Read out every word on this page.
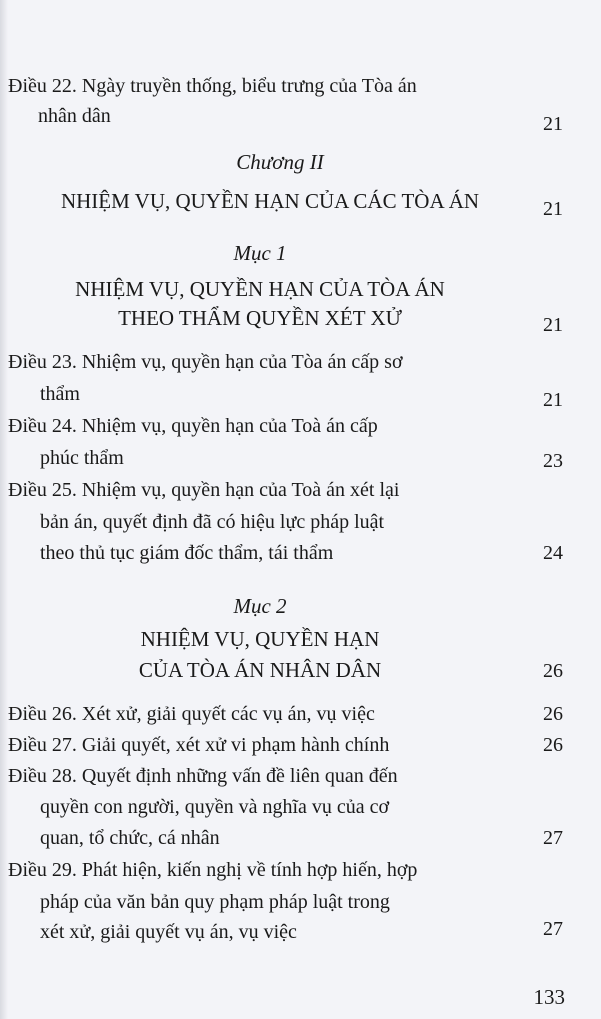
Điều 22. Ngày truyền thống, biểu trưng của Tòa án
nhân dân	21
Chương II
NHIỆM VỤ, QUYỀN HẠN CỦA CÁC TÒA ÁN	21
Mục 1
NHIỆM VỤ, QUYỀN HẠN CỦA TÒA ÁN
THEO THẨM QUYỀN XÉT XỬ	21
Điều 23. Nhiệm vụ, quyền hạn của Tòa án cấp sơ
thẩm	21
Điều 24. Nhiệm vụ, quyền hạn của Toà án cấp
phúc thẩm	23
Điều 25. Nhiệm vụ, quyền hạn của Toà án xét lại
bản án, quyết định đã có hiệu lực pháp luật
theo thủ tục giám đốc thẩm, tái thẩm	24
Mục 2
NHIỆM VỤ, QUYỀN HẠN
CỦA TÒA ÁN NHÂN DÂN	26
Điều 26. Xét xử, giải quyết các vụ án, vụ việc	26
Điều 27. Giải quyết, xét xử vi phạm hành chính	26
Điều 28. Quyết định những vấn đề liên quan đến
quyền con người, quyền và nghĩa vụ của cơ
quan, tổ chức, cá nhân	27
Điều 29. Phát hiện, kiến nghị về tính hợp hiến, hợp
pháp của văn bản quy phạm pháp luật trong
xét xử, giải quyết vụ án, vụ việc	27
133
